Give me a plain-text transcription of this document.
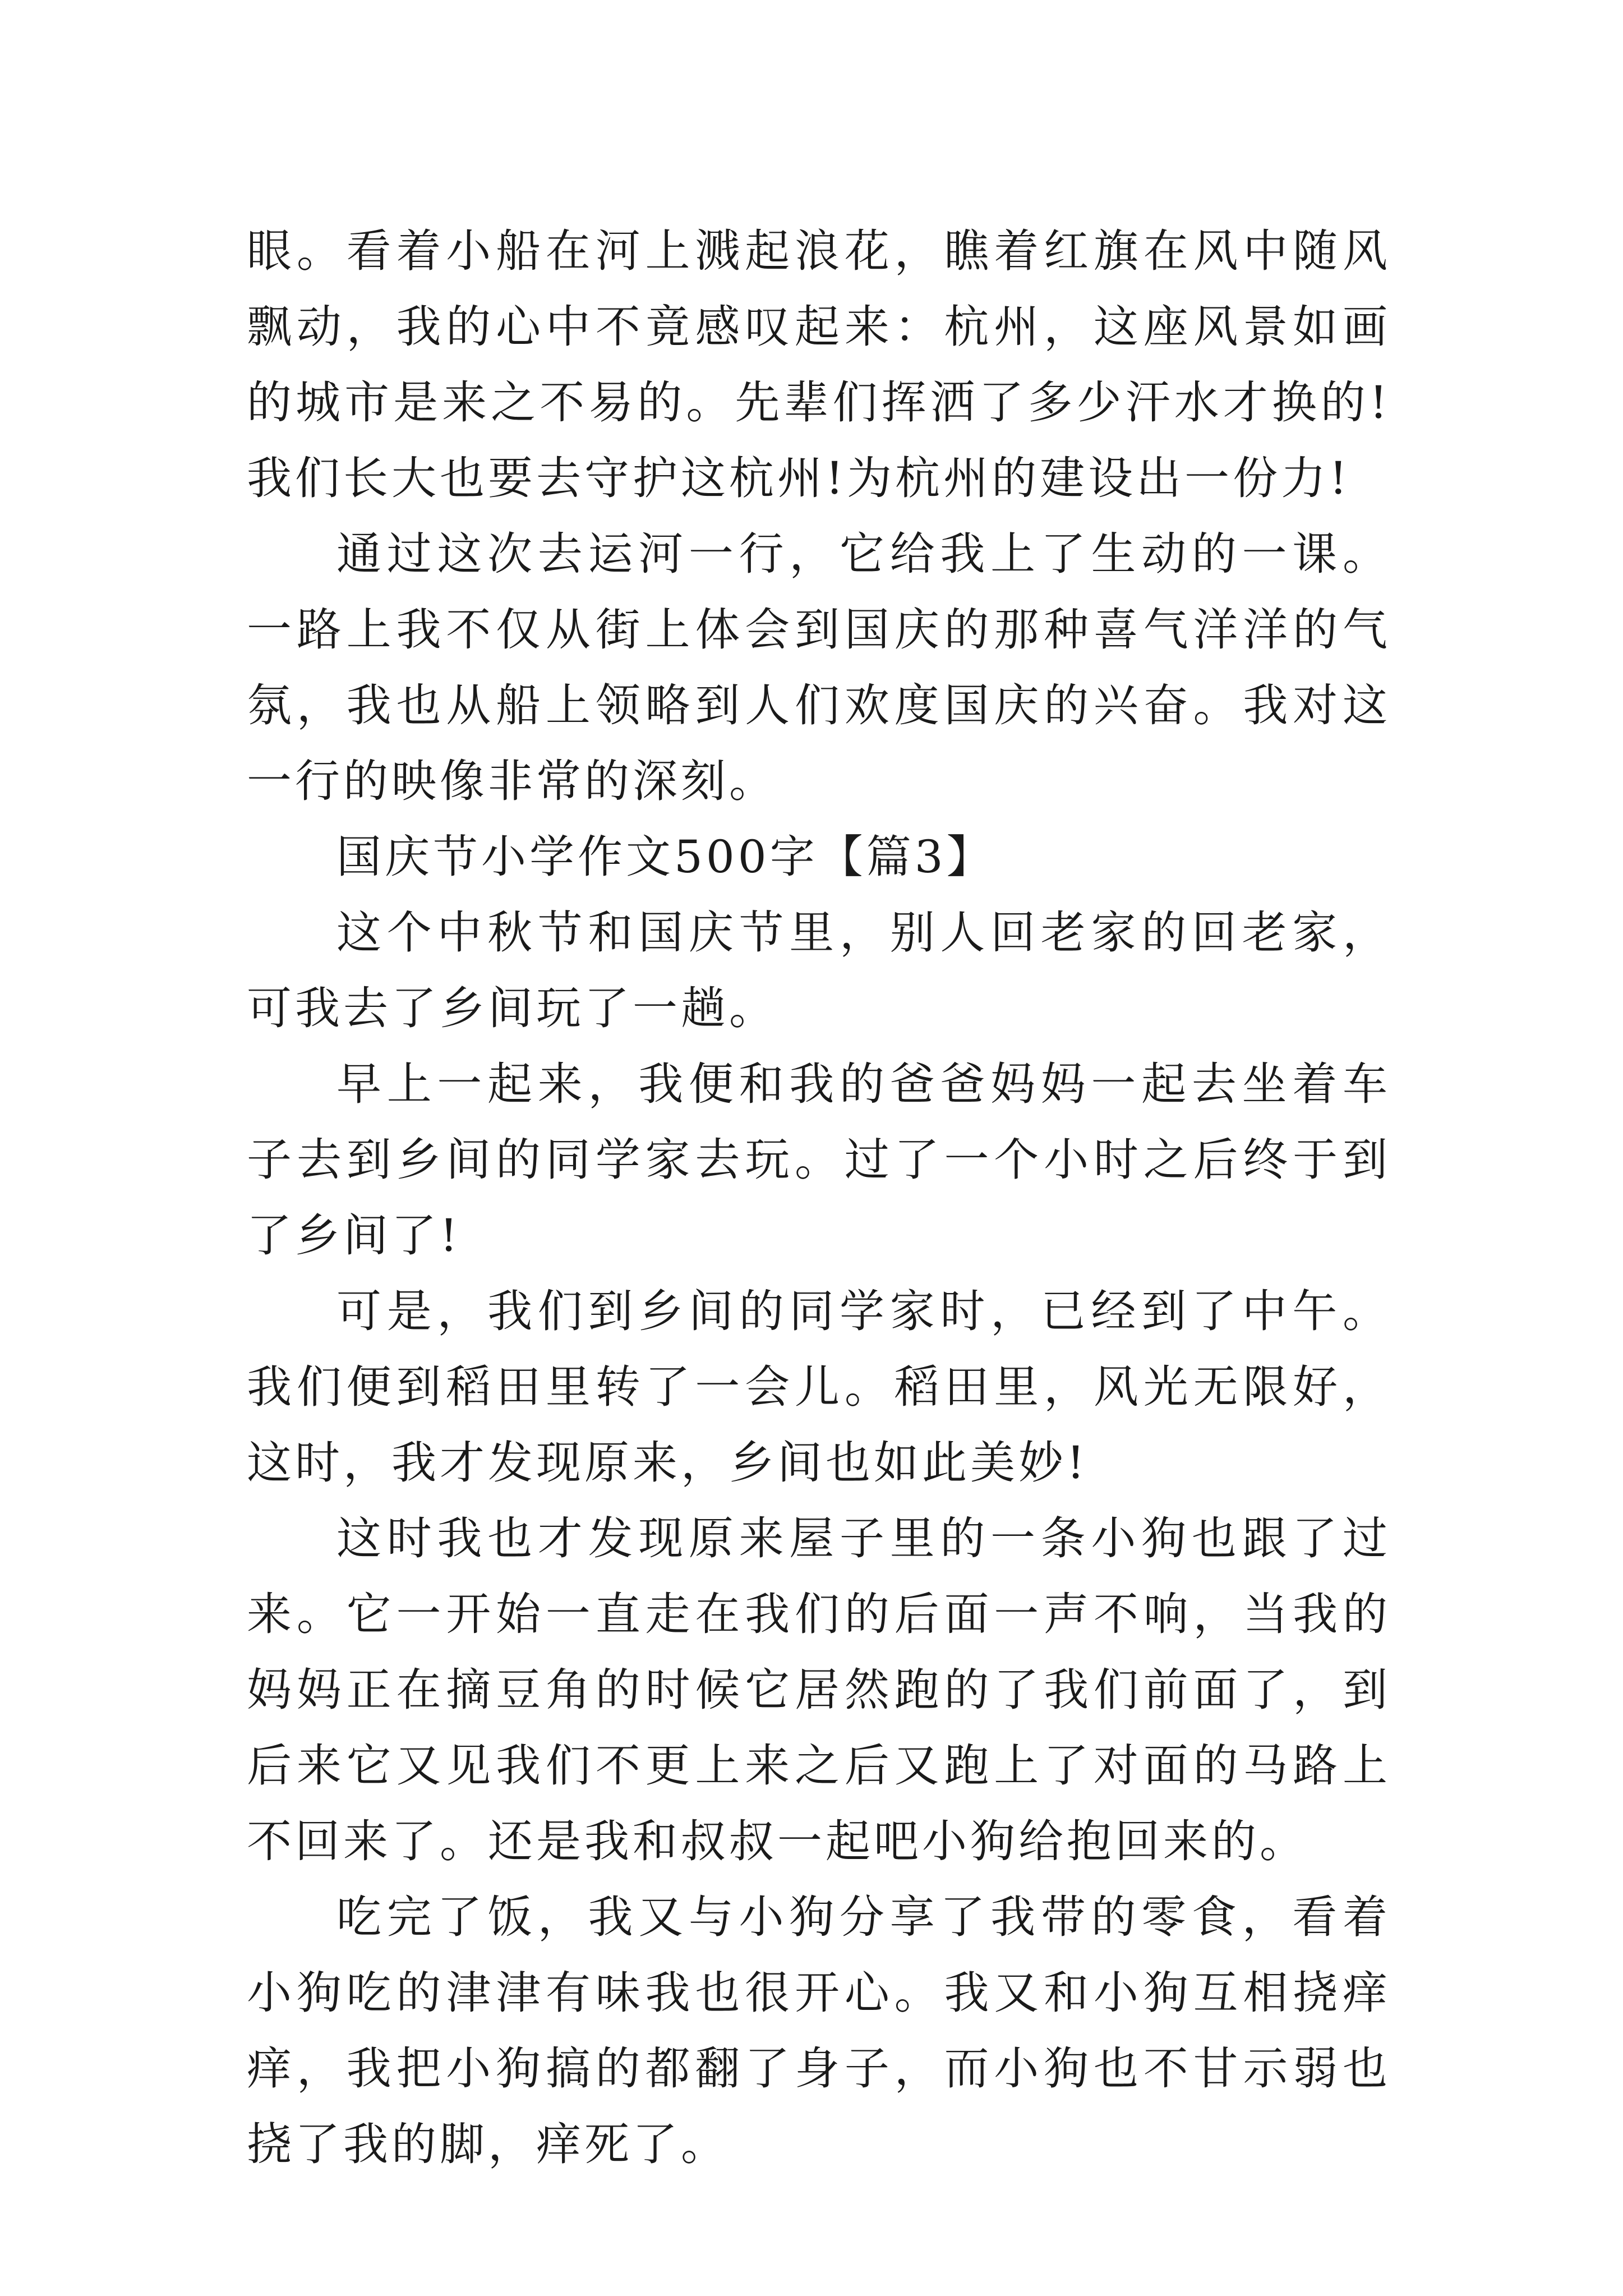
眼。看着小船在河上溅起浪花，瞧着红旗在风中随风飘动，我的心中不竟感叹起来：杭州，这座风景如画的城市是来之不易的。先辈们挥洒了多少汗水才换的!我们长大也要去守护这杭州!为杭州的建设出一份力!

通过这次去运河一行，它给我上了生动的一课。一路上我不仅从街上体会到国庆的那种喜气洋洋的气氛，我也从船上领略到人们欢度国庆的兴奋。我对这一行的映像非常的深刻。

国庆节小学作文500字【篇3】

这个中秋节和国庆节里，别人回老家的回老家，可我去了乡间玩了一趟。

早上一起来，我便和我的爸爸妈妈一起去坐着车子去到乡间的同学家去玩。过了一个小时之后终于到了乡间了!

可是，我们到乡间的同学家时，已经到了中午。我们便到稻田里转了一会儿。稻田里，风光无限好，这时，我才发现原来，乡间也如此美妙!

这时我也才发现原来屋子里的一条小狗也跟了过来。它一开始一直走在我们的后面一声不响，当我的妈妈正在摘豆角的时候它居然跑的了我们前面了，到后来它又见我们不更上来之后又跑上了对面的马路上不回来了。还是我和叔叔一起吧小狗给抱回来的。

吃完了饭，我又与小狗分享了我带的零食，看着小狗吃的津津有味我也很开心。我又和小狗互相挠痒痒，我把小狗搞的都翻了身子，而小狗也不甘示弱也挠了我的脚，痒死了。
